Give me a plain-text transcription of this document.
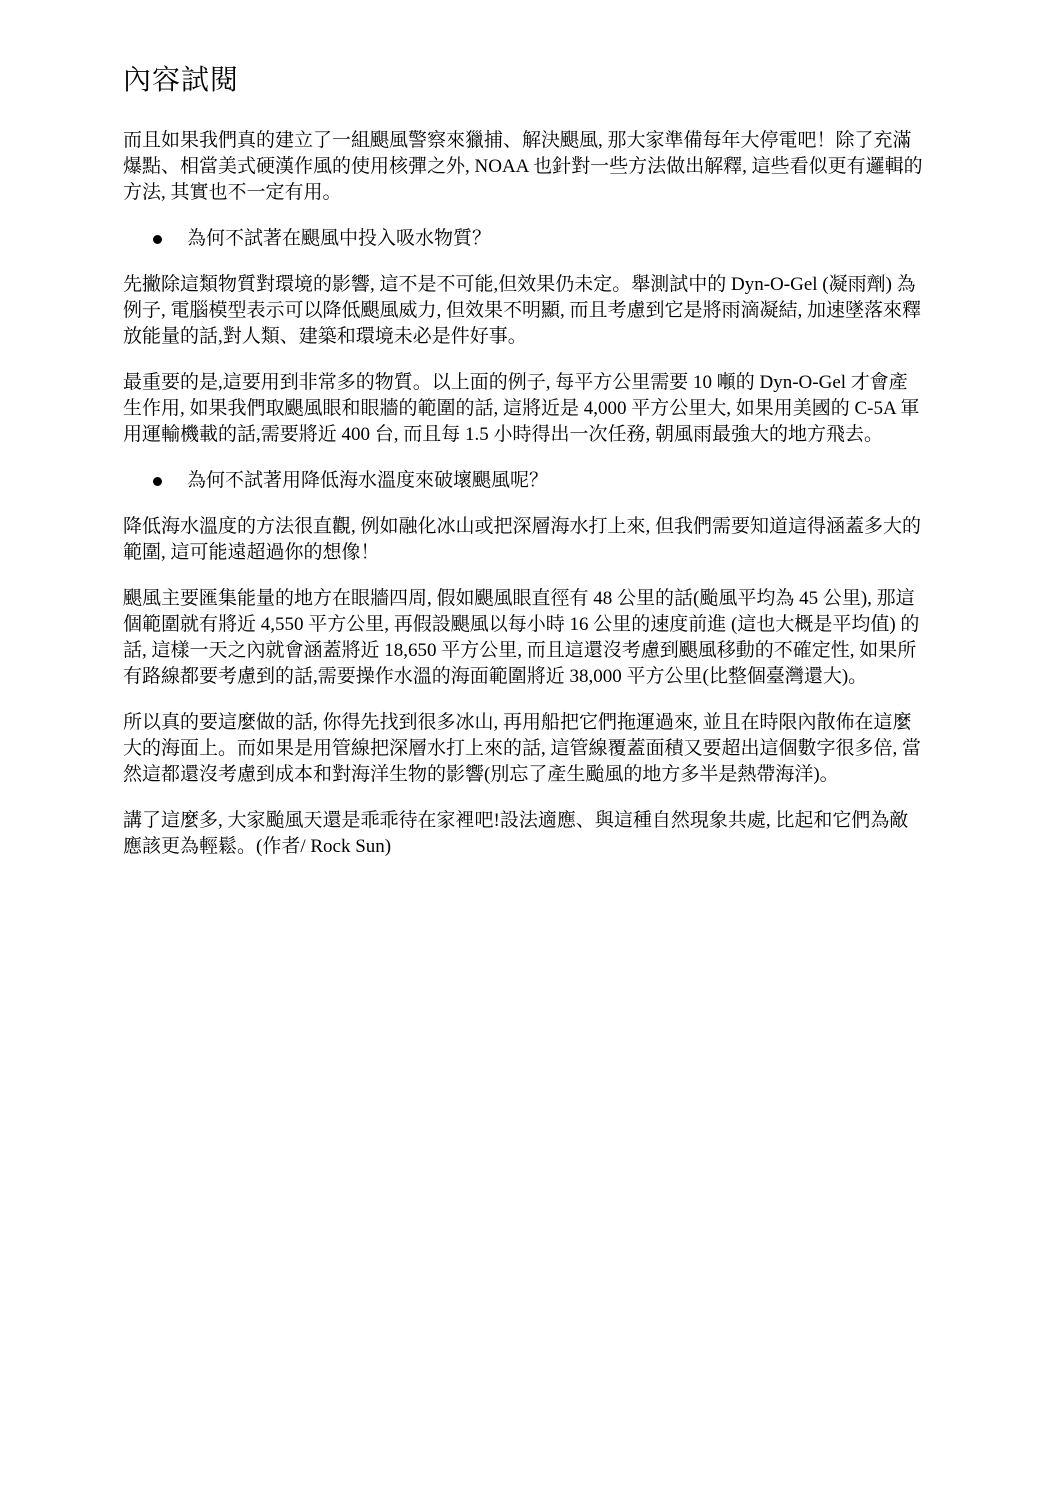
內容試閱

而且如果我們真的建立了一組颶風警察來獵捕、解決颶風, 那大家準備每年大停電吧！除了充滿爆點、相當美式硬漢作風的使用核彈之外, NOAA 也針對一些方法做出解釋, 這些看似更有邏輯的方法, 其實也不一定有用。

為何不試著在颶風中投入吸水物質？

先撇除這類物質對環境的影響, 這不是不可能,但效果仍未定。舉測試中的 Dyn-O-Gel (凝雨劑) 為例子, 電腦模型表示可以降低颶風威力, 但效果不明顯, 而且考慮到它是將雨滴凝結, 加速墜落來釋放能量的話,對人類、建築和環境未必是件好事。

最重要的是,這要用到非常多的物質。以上面的例子, 每平方公里需要 10 噸的 Dyn-O-Gel 才會產生作用, 如果我們取颶風眼和眼牆的範圍的話, 這將近是 4,000 平方公里大, 如果用美國的 C-5A 軍用運輸機載的話,需要將近 400 台, 而且每 1.5 小時得出一次任務, 朝風雨最強大的地方飛去。

為何不試著用降低海水溫度來破壞颶風呢？

降低海水溫度的方法很直觀, 例如融化冰山或把深層海水打上來, 但我們需要知道這得涵蓋多大的範圍, 這可能遠超過你的想像！

颶風主要匯集能量的地方在眼牆四周, 假如颶風眼直徑有 48 公里的話(颱風平均為 45 公里), 那這個範圍就有將近 4,550 平方公里, 再假設颶風以每小時 16 公里的速度前進 (這也大概是平均值) 的話, 這樣一天之內就會涵蓋將近 18,650 平方公里, 而且這還沒考慮到颶風移動的不確定性, 如果所有路線都要考慮到的話,需要操作水溫的海面範圍將近 38,000 平方公里(比整個臺灣還大)。

所以真的要這麼做的話, 你得先找到很多冰山, 再用船把它們拖運過來, 並且在時限內散佈在這麼大的海面上。而如果是用管線把深層水打上來的話, 這管線覆蓋面積又要超出這個數字很多倍, 當然這都還沒考慮到成本和對海洋生物的影響(別忘了產生颱風的地方多半是熱帶海洋)。

講了這麼多, 大家颱風天還是乖乖待在家裡吧!設法適應、與這種自然現象共處, 比起和它們為敵應該更為輕鬆。(作者/ Rock Sun)
